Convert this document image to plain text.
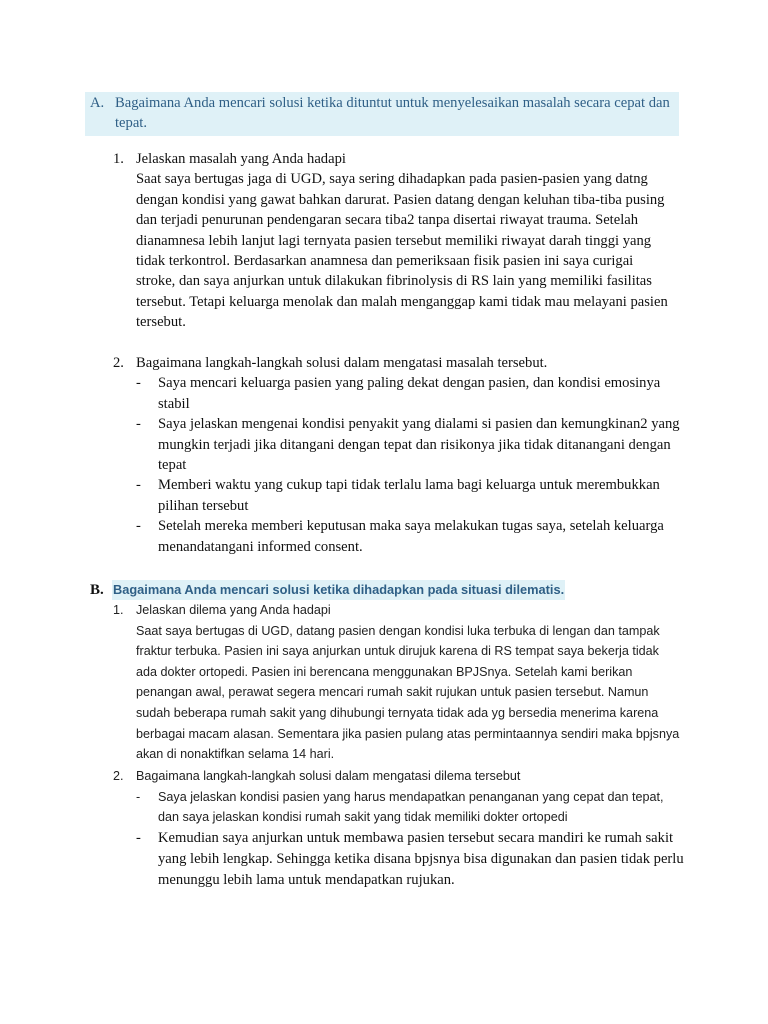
A. Bagaimana Anda mencari solusi ketika dituntut untuk menyelesaikan masalah secara cepat dan tepat.
1. Jelaskan masalah yang Anda hadapi
Saat saya bertugas jaga di UGD, saya sering dihadapkan pada pasien-pasien yang datng dengan kondisi yang gawat bahkan darurat. Pasien datang dengan keluhan tiba-tiba pusing dan terjadi penurunan pendengaran secara tiba2 tanpa disertai riwayat trauma. Setelah dianamnesa lebih lanjut lagi ternyata pasien tersebut memiliki riwayat darah tinggi yang tidak terkontrol. Berdasarkan anamnesa dan pemeriksaan fisik pasien ini saya curigai stroke, dan saya anjurkan untuk dilakukan fibrinolysis di RS lain yang memiliki fasilitas tersebut. Tetapi keluarga menolak dan malah menganggap kami tidak mau melayani pasien tersebut.
2. Bagaimana langkah-langkah solusi dalam mengatasi masalah tersebut.
- Saya mencari keluarga pasien yang paling dekat dengan pasien, dan kondisi emosinya stabil
- Saya jelaskan mengenai kondisi penyakit yang dialami si pasien dan kemungkinan2 yang mungkin terjadi jika ditangani dengan tepat dan risikonya jika tidak ditanangani dengan tepat
- Memberi waktu yang cukup tapi tidak terlalu lama bagi keluarga untuk merembukkan pilihan tersebut
- Setelah mereka memberi keputusan maka saya melakukan tugas saya, setelah keluarga menandatangani informed consent.
B. Bagaimana Anda mencari solusi ketika dihadapkan pada situasi dilematis.
1. Jelaskan dilema yang Anda hadapi
Saat saya bertugas di UGD, datang pasien dengan kondisi luka terbuka di lengan dan tampak fraktur terbuka. Pasien ini saya anjurkan untuk dirujuk karena di RS tempat saya bekerja tidak ada dokter ortopedi. Pasien ini berencana menggunakan BPJSnya. Setelah kami berikan penangan awal, perawat segera mencari rumah sakit rujukan untuk pasien tersebut. Namun sudah beberapa rumah sakit yang dihubungi ternyata tidak ada yg bersedia menerima karena berbagai macam alasan. Sementara jika pasien pulang atas permintaannya sendiri maka bpjsnya akan di nonaktifkan selama 14 hari.
2. Bagaimana langkah-langkah solusi dalam mengatasi dilema tersebut
- Saya jelaskan kondisi pasien yang harus mendapatkan penanganan yang cepat dan tepat, dan saya jelaskan kondisi rumah sakit yang tidak memiliki dokter ortopedi
- Kemudian saya anjurkan untuk membawa pasien tersebut secara mandiri ke rumah sakit yang lebih lengkap. Sehingga ketika disana bpjsnya bisa digunakan dan pasien tidak perlu menunggu lebih lama untuk mendapatkan rujukan.
